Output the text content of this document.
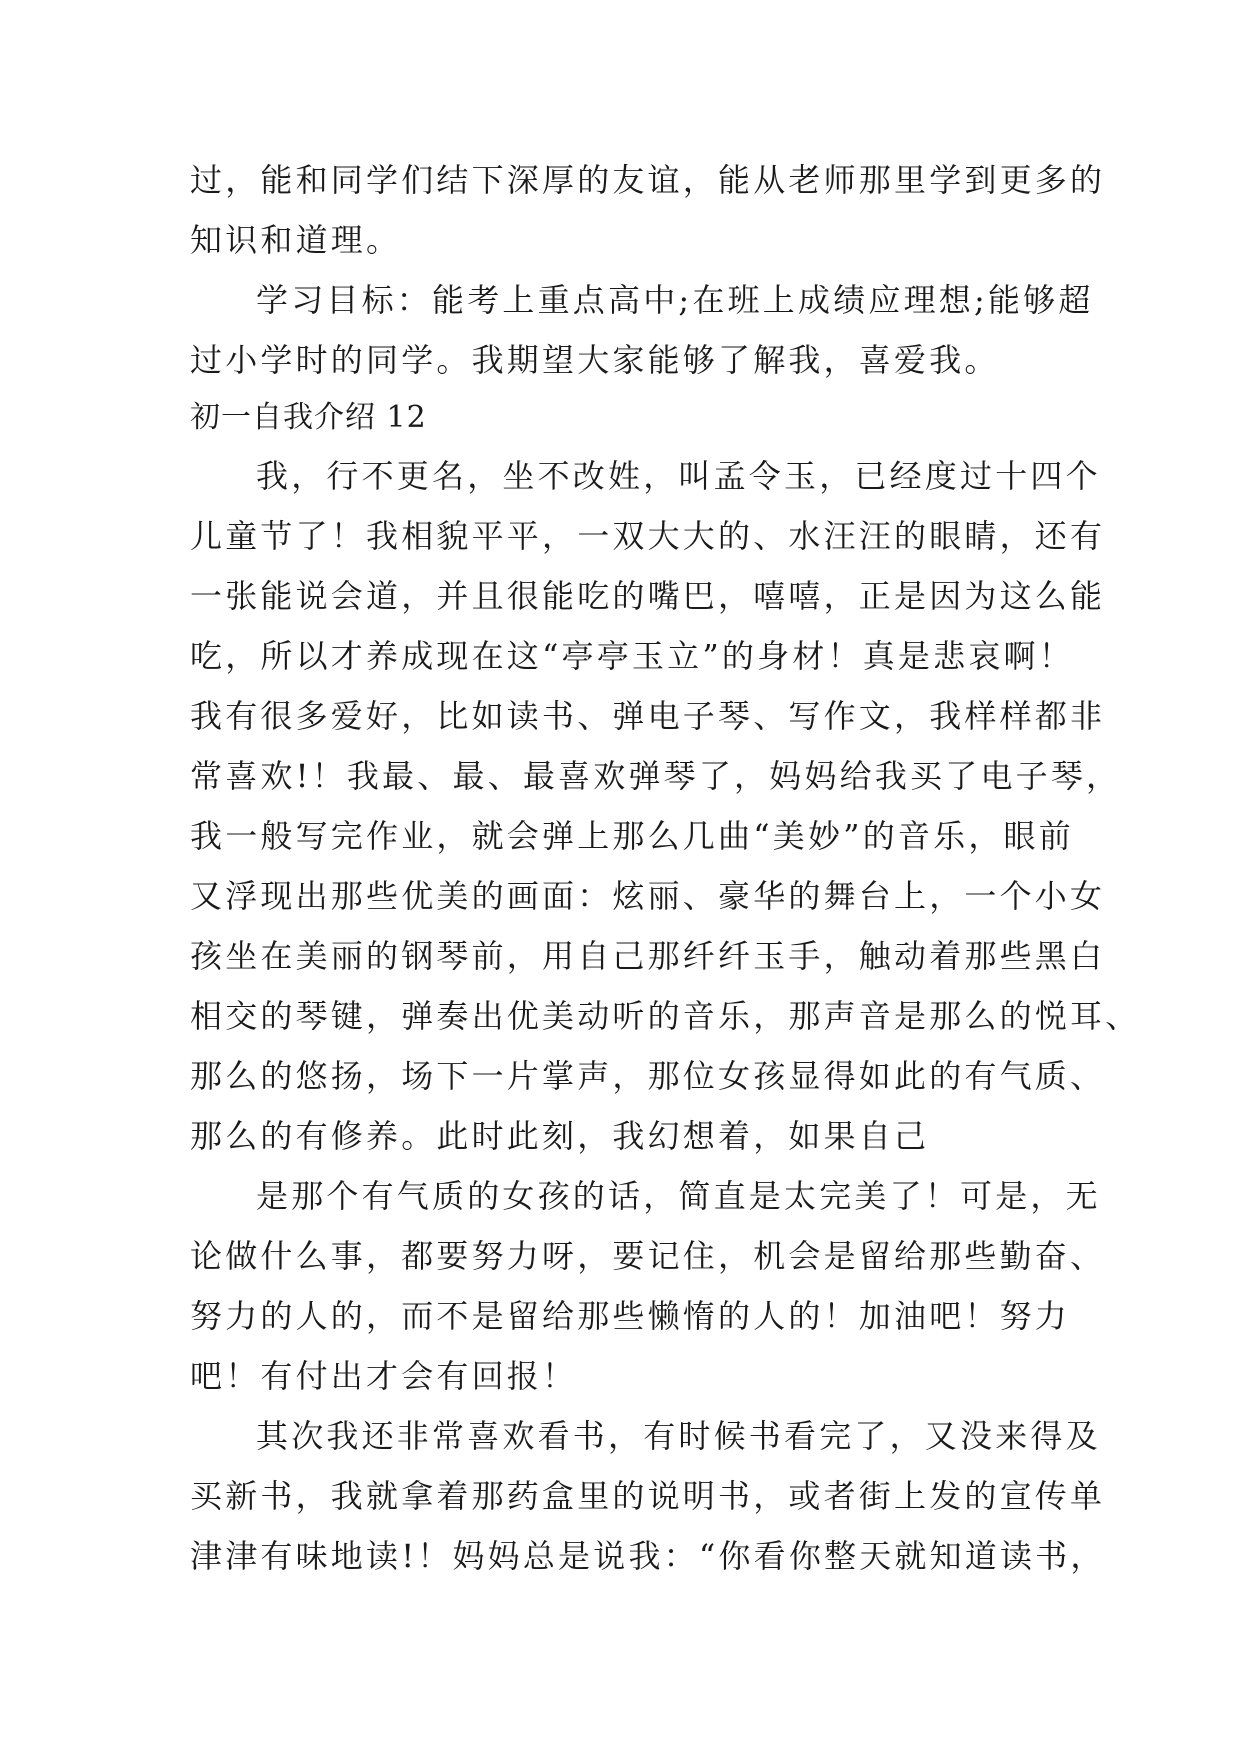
过，能和同学们结下深厚的友谊，能从老师那里学到更多的
知识和道理。
学习目标：能考上重点高中;在班上成绩应理想;能够超
过小学时的同学。我期望大家能够了解我，喜爱我。
初一自我介绍 12
我，行不更名，坐不改姓，叫孟令玉，已经度过十四个
儿童节了！我相貌平平，一双大大的、水汪汪的眼睛，还有
一张能说会道，并且很能吃的嘴巴，嘻嘻，正是因为这么能
吃，所以才养成现在这“亭亭玉立”的身材！真是悲哀啊！
我有很多爱好，比如读书、弹电子琴、写作文，我样样都非
常喜欢!！我最、最、最喜欢弹琴了，妈妈给我买了电子琴，
我一般写完作业，就会弹上那么几曲“美妙”的音乐，眼前
又浮现出那些优美的画面：炫丽、豪华的舞台上，一个小女
孩坐在美丽的钢琴前，用自己那纤纤玉手，触动着那些黑白
相交的琴键，弹奏出优美动听的音乐，那声音是那么的悦耳、
那么的悠扬，场下一片掌声，那位女孩显得如此的有气质、
那么的有修养。此时此刻，我幻想着，如果自己
是那个有气质的女孩的话，简直是太完美了！可是，无
论做什么事，都要努力呀，要记住，机会是留给那些勤奋、
努力的人的，而不是留给那些懒惰的人的！加油吧！努力
吧！有付出才会有回报！
其次我还非常喜欢看书，有时候书看完了，又没来得及
买新书，我就拿着那药盒里的说明书，或者街上发的宣传单
津津有味地读!！妈妈总是说我：“你看你整天就知道读书，
